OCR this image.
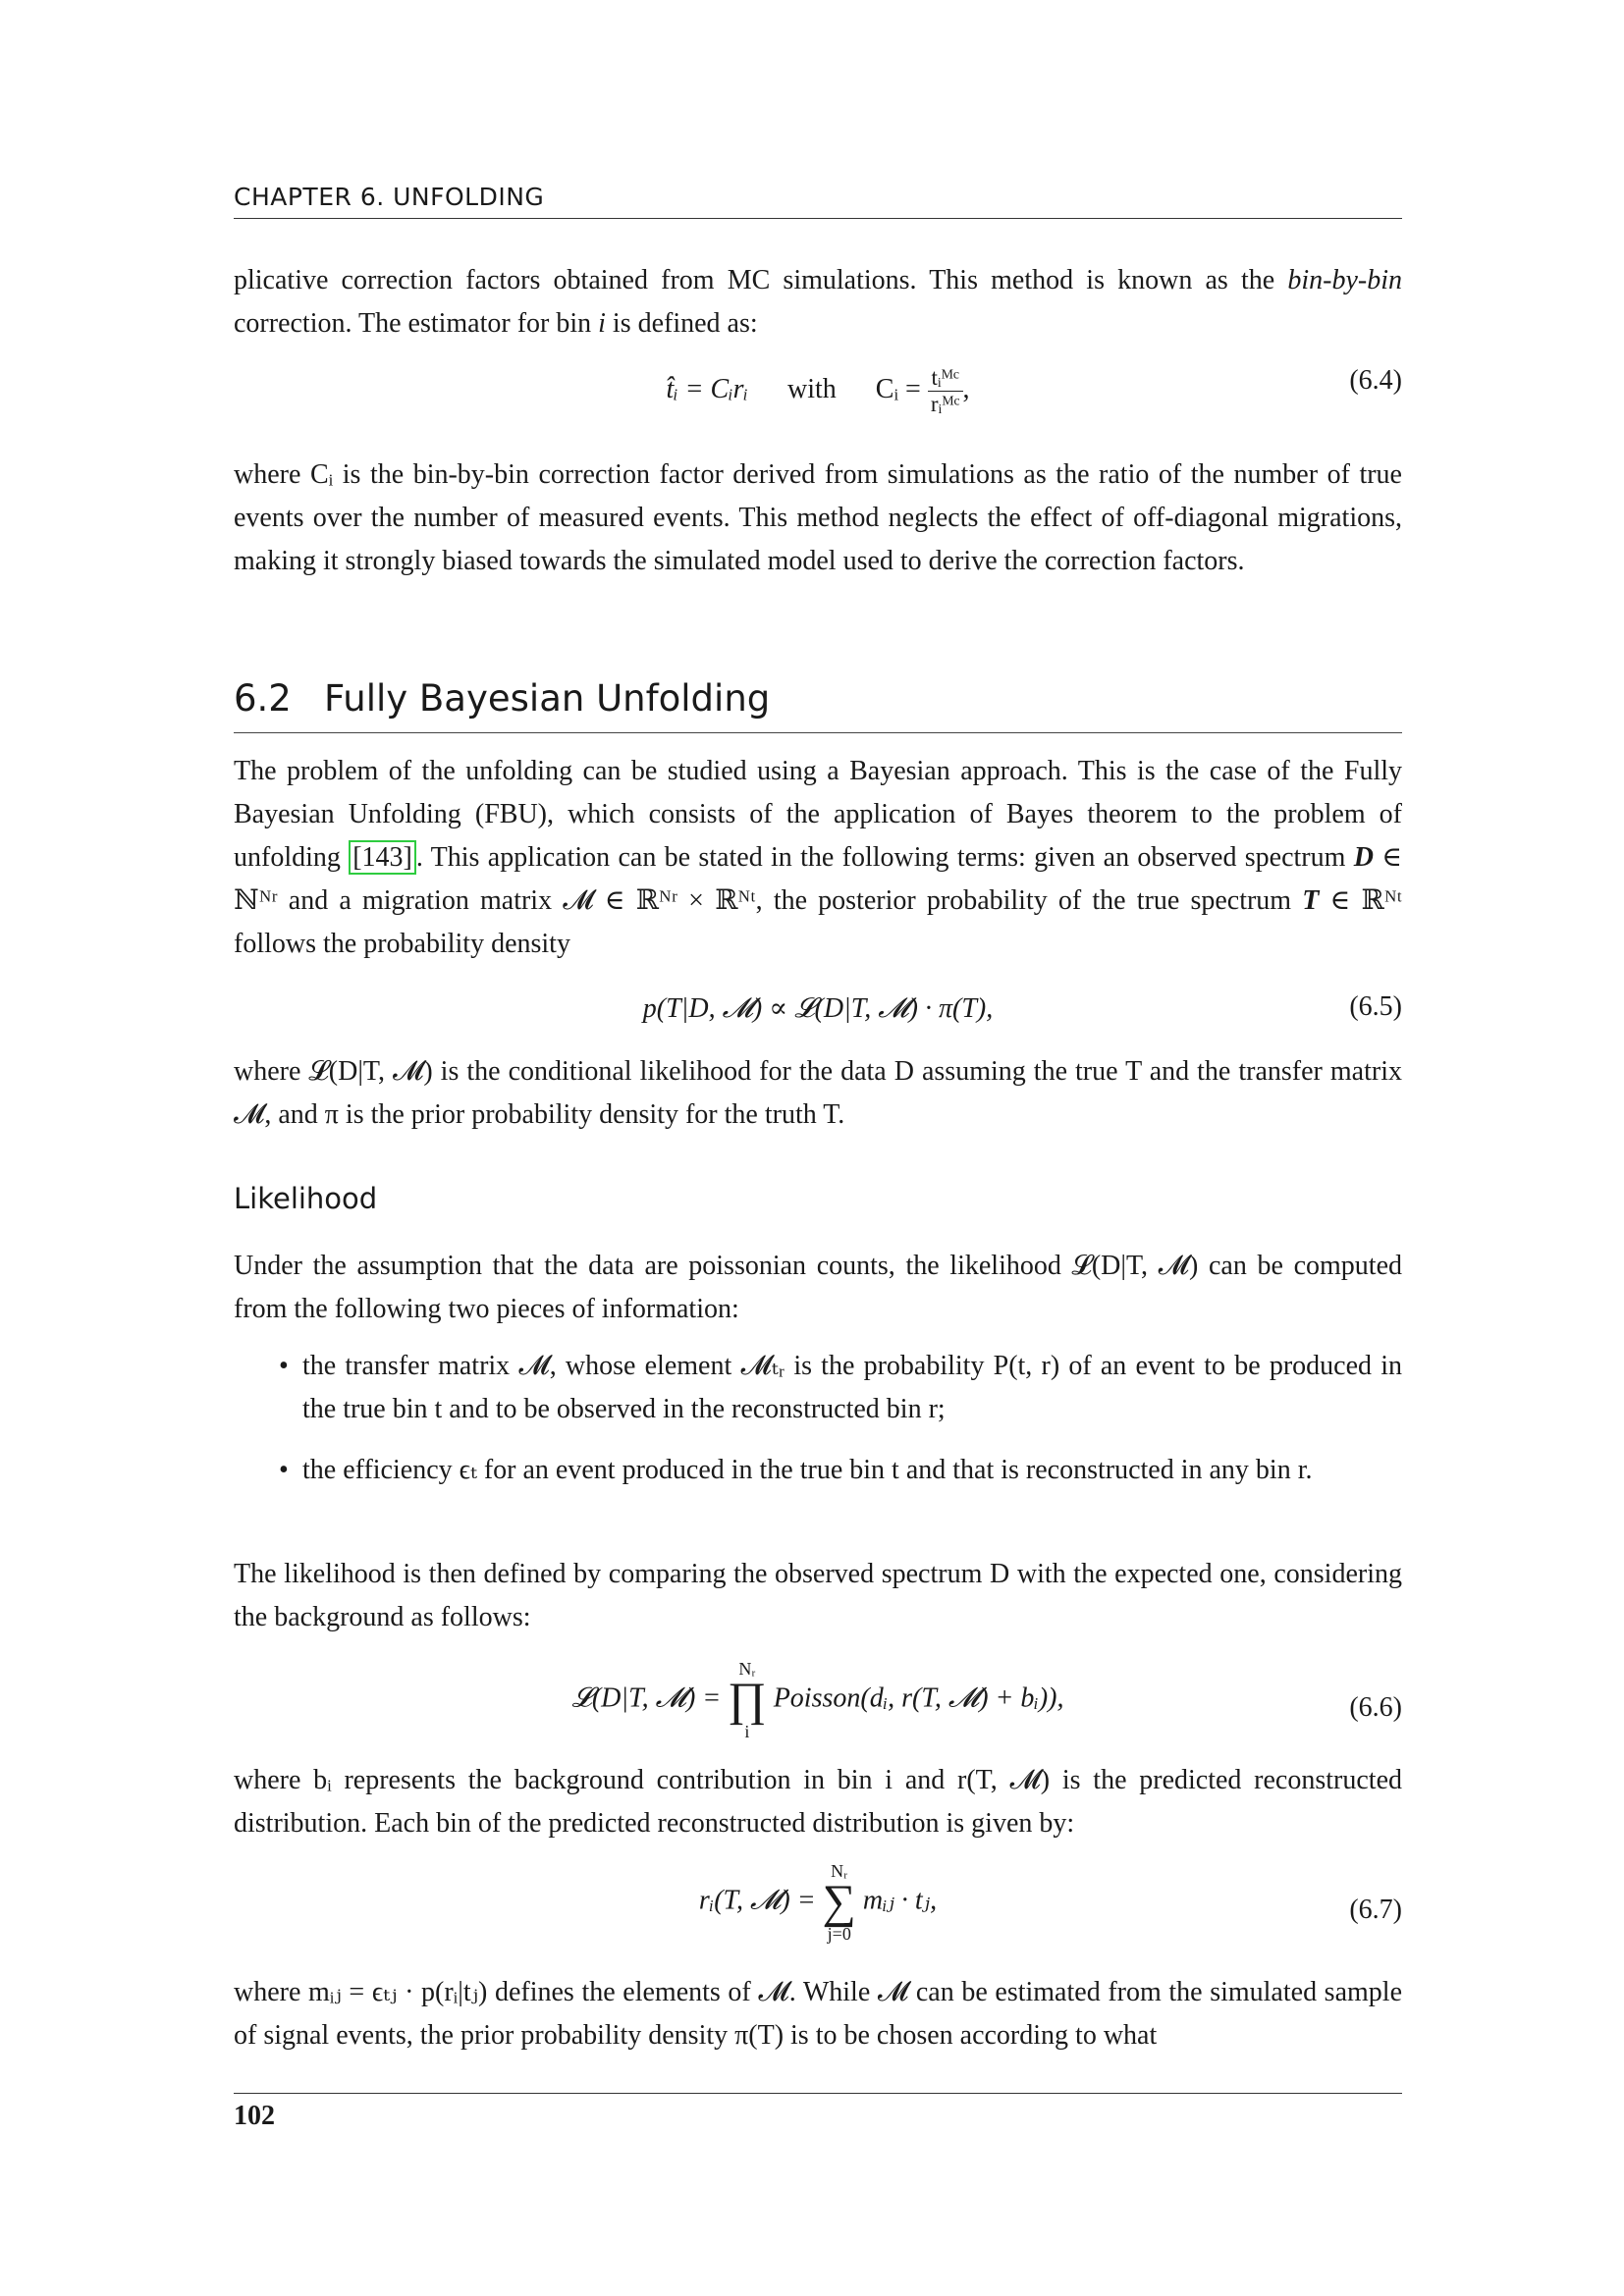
CHAPTER 6. UNFOLDING
plicative correction factors obtained from MC simulations. This method is known as the bin-by-bin correction. The estimator for bin i is defined as:
t̂ᵢ = Cᵢrᵢ with Cᵢ = $\frac{\text{tᵢᴹᶜ}}{\text{rᵢᴹᶜ}}$ ,	(6.4)
where Cᵢ is the bin-by-bin correction factor derived from simulations as the ratio of the number of true events over the number of measured events. This method neglects the effect of off-diagonal migrations, making it strongly biased towards the simulated model used to derive the correction factors.
6.2 Fully Bayesian Unfolding
The problem of the unfolding can be studied using a Bayesian approach. This is the case of the Fully Bayesian Unfolding (FBU), which consists of the application of Bayes theorem to the problem of unfolding [143] . This application can be stated in the following terms: given an observed spectrum D ∈ ℕᴺʳ and a migration matrix 𝓜 ∈ ℝᴺʳ × ℝᴺᵗ, the posterior probability of the true spectrum T ∈ ℝᴺᵗ follows the probability density
p(T|D, 𝓜) ∝ 𝓛(D|T, 𝓜) · π(T),	(6.5)
where 𝓛(D|T, 𝓜) is the conditional likelihood for the data D assuming the true T and the transfer matrix 𝓜, and π is the prior probability density for the truth T.
Likelihood
Under the assumption that the data are poissonian counts, the likelihood 𝓛(D|T, 𝓜) can be computed from the following two pieces of information:
• the transfer matrix 𝓜, whose element 𝓜ₜᵣ is the probability P(t, r) of an event to be produced in the true bin t and to be observed in the reconstructed bin r;
• the efficiency ϵₜ for an event produced in the true bin t and that is reconstructed in any bin r.
The likelihood is then defined by comparing the observed spectrum D with the expected one, considering the background as follows:
𝓛(D|T, 𝓜) =
Nᵣ
∏
i
Poisson(dᵢ, r(T, 𝓜) + bᵢ)),	(6.6)
where bᵢ represents the background contribution in bin i and r(T, 𝓜) is the predicted reconstructed distribution. Each bin of the predicted reconstructed distribution is given by:
rᵢ(T, 𝓜) =
Nᵣ
∑
j=0
mᵢⱼ · tⱼ,	(6.7)
where mᵢⱼ = ϵₜⱼ · p(rᵢ|tⱼ) defines the elements of 𝓜. While 𝓜 can be estimated from the simulated sample of signal events, the prior probability density π(T) is to be chosen according to what
102
